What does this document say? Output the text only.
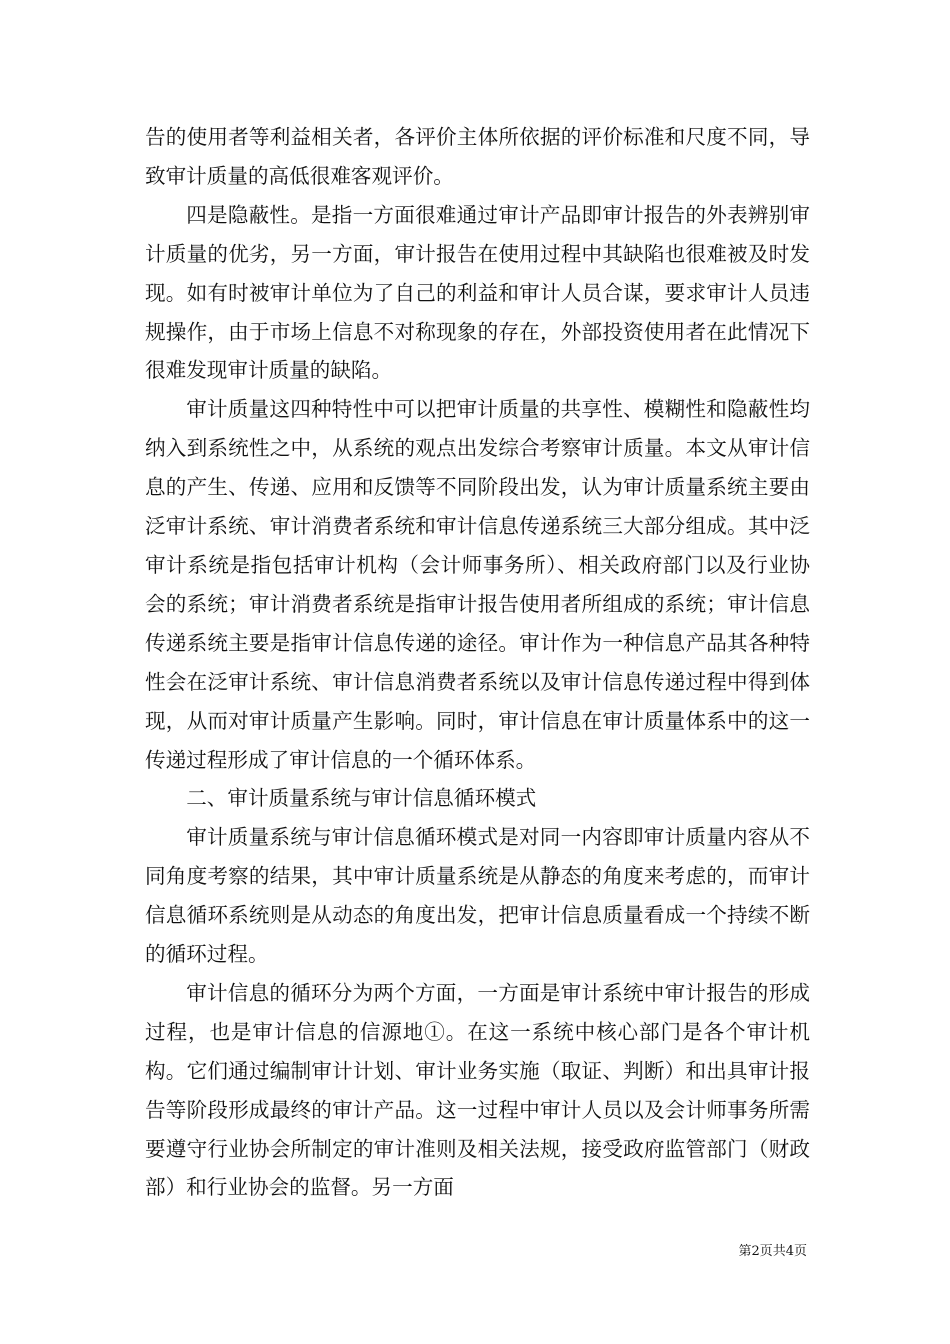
告的使用者等利益相关者，各评价主体所依据的评价标准和尺度不同，导致审计质量的高低很难客观评价。

四是隐蔽性。是指一方面很难通过审计产品即审计报告的外表辨别审计质量的优劣，另一方面，审计报告在使用过程中其缺陷也很难被及时发现。如有时被审计单位为了自己的利益和审计人员合谋，要求审计人员违规操作，由于市场上信息不对称现象的存在，外部投资使用者在此情况下很难发现审计质量的缺陷。

审计质量这四种特性中可以把审计质量的共享性、模糊性和隐蔽性均纳入到系统性之中，从系统的观点出发综合考察审计质量。本文从审计信息的产生、传递、应用和反馈等不同阶段出发，认为审计质量系统主要由泛审计系统、审计消费者系统和审计信息传递系统三大部分组成。其中泛审计系统是指包括审计机构（会计师事务所）、相关政府部门以及行业协会的系统；审计消费者系统是指审计报告使用者所组成的系统；审计信息传递系统主要是指审计信息传递的途径。审计作为一种信息产品其各种特性会在泛审计系统、审计信息消费者系统以及审计信息传递过程中得到体现，从而对审计质量产生影响。同时，审计信息在审计质量体系中的这一传递过程形成了审计信息的一个循环体系。

二、审计质量系统与审计信息循环模式

审计质量系统与审计信息循环模式是对同一内容即审计质量内容从不同角度考察的结果，其中审计质量系统是从静态的角度来考虑的，而审计信息循环系统则是从动态的角度出发，把审计信息质量看成一个持续不断的循环过程。

审计信息的循环分为两个方面，一方面是审计系统中审计报告的形成过程，也是审计信息的信源地①。在这一系统中核心部门是各个审计机构。它们通过编制审计计划、审计业务实施（取证、判断）和出具审计报告等阶段形成最终的审计产品。这一过程中审计人员以及会计师事务所需要遵守行业协会所制定的审计准则及相关法规，接受政府监管部门（财政部）和行业协会的监督。另一方面

第2页共4页
